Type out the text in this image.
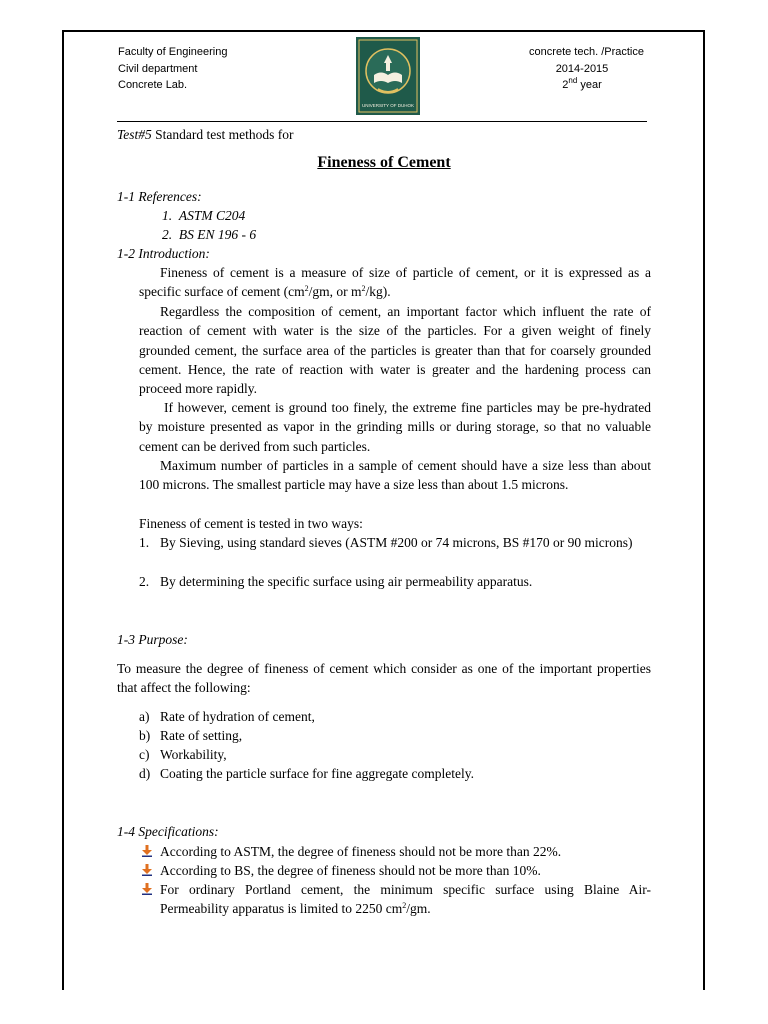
Faculty of Engineering
Civil department
Concrete Lab.
UNIVERSITY OF DUHOK
concrete tech. /Practice
2014-2015
2nd year
Test#5 Standard test methods for
Fineness of Cement
1-1 References:
1. ASTM C204
2. BS EN 196 - 6
1-2 Introduction:
Fineness of cement is a measure of size of particle of cement, or it is expressed as a specific surface of cement ($cm^2/gm$, or $m^2/kg$).
Regardless the composition of cement, an important factor which influent the rate of reaction of cement with water is the size of the particles. For a given weight of finely grounded cement, the surface area of the particles is greater than that for coarsely grounded cement. Hence, the rate of reaction with water is greater and the hardening process can proceed more rapidly.
If however, cement is ground too finely, the extreme fine particles may be pre-hydrated by moisture presented as vapor in the grinding mills or during storage, so that no valuable cement can be derived from such particles.
Maximum number of particles in a sample of cement should have a size less than about 100 microns. The smallest particle may have a size less than about 1.5 microns.
Fineness of cement is tested in two ways:
1. By Sieving, using standard sieves (ASTM #200 or 74 microns, BS #170 or 90 microns)
2. By determining the specific surface using air permeability apparatus.
1-3 Purpose:
To measure the degree of fineness of cement which consider as one of the important properties that affect the following:
a) Rate of hydration of cement,
b) Rate of setting,
c) Workability,
d) Coating the particle surface for fine aggregate completely.
1-4 Specifications:
According to ASTM, the degree of fineness should not be more than 22%.
According to BS, the degree of fineness should not be more than 10%.
For ordinary Portland cement, the minimum specific surface using Blaine Air-Permeability apparatus is limited to 2250 $cm^2/gm$.
